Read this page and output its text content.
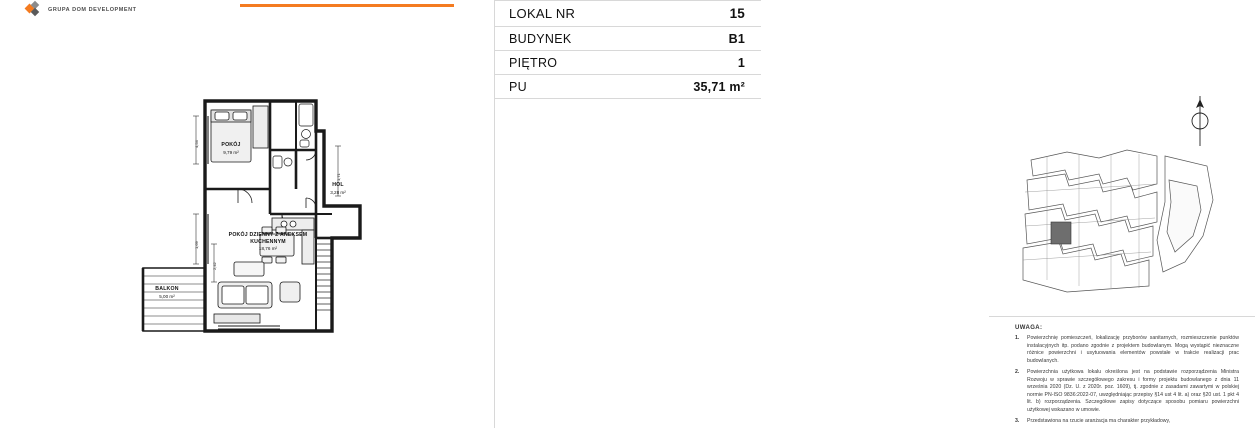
GRUPA DOM DEVELOPMENT
POKÓJ
9,79 m²
HOL
3,28 m²
POKÓJ DZIENNY Z ANEKSEM KUCHENNYM
18,76 m²
BALKON
5,00 m²
4,54
1,69
1,71
2,42
LOKAL NR	15
BUDYNEK	B1
PIĘTRO	1
PU	35,71 m²
UWAGA:
1.	Powierzchnię pomieszczeń, lokalizację przyborów sanitarnych, rozmieszczenie punktów instalacyjnych itp. podano zgodnie z projektem budowlanym. Mogą wystąpić nieznaczne różnice powierzchni i usytuowania elementów powstałe w trakcie realizacji prac budowlanych.
2.	Powierzchnia użytkowa lokalu określona jest na podstawie rozporządzenia Ministra Rozwoju w sprawie szczegółowego zakresu i formy projektu budowlanego z dnia 11 września 2020 (Dz. U. z 2020r. poz. 1609), tj. zgodnie z zasadami zawartymi w polskiej normie PN-ISO 9836:2022-07, uwzględniając przepisy §14 ust 4 lit. a) oraz §20 ust. 1 pkt 4 lit. b) rozporządzenia. Szczegółowe zapisy dotyczące sposobu pomiaru powierzchni użytkowej wskazano w umowie.
3.	Przedstawiona na rzucie aranżacja ma charakter przykładowy,
